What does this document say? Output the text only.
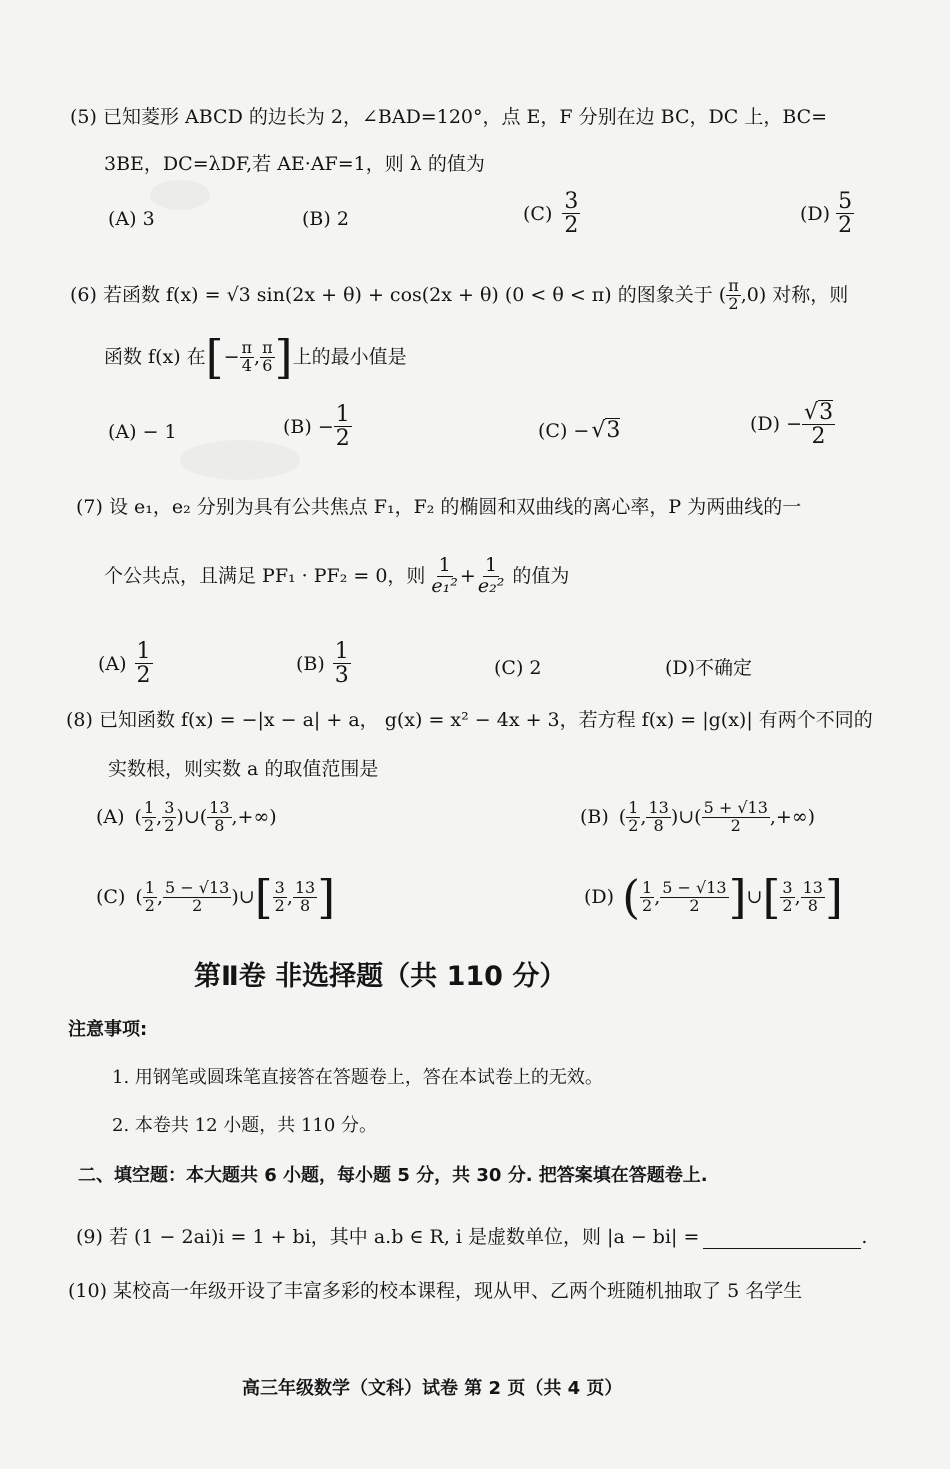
(5) 已知菱形 ABCD 的边长为 2，∠BAD=120°，点 E，F 分别在边 BC，DC 上，BC=
3BE，DC=λDF,若 AE·AF=1，则 λ 的值为
(A) 3	(B) 2	$(C) \frac{3}{2}$	$(D) \frac{5}{2}$
(6) 若函数 f(x) = √3 sin(2x + θ) + cos(2x + θ) (0 < θ < π) 的图象关于 ( $\frac{\pi}{2} ,0$) 对称，则
函数 f(x) 在 [ − $\frac{\pi}{4}$ , $\frac{\pi}{6}$ ] 上的最小值是
(A) − 1	$(B) - \frac{1}{2}$	(C) − √ 3	$(D) - \frac{√3}{2}$
(7) 设 e₁，e₂ 分别为具有公共焦点 F₁，F₂ 的椭圆和双曲线的离心率，P 为两曲线的一
个公共点，且满足 PF₁ · PF₂ = 0，则 $\frac{1}{\text{e₁²}} + \frac{1}{\text{e₂²}}$ 的值为
$(A) \frac{1}{2}$	$(B) \frac{1}{3}$	(C) 2	(D)不确定
(8) 已知函数 f(x) = −|x − a| + a， g(x) = x² − 4x + 3，若方程 f(x) = |g(x)| 有两个不同的
实数根，则实数 a 的取值范围是
(A) ( $\frac{1}{2}$ , $\frac{3}{2}$ ) ∪ ( $\frac{13}{8}$ ,+∞)	(B) ( $\frac{1}{2}$ , $\frac{13}{8}$ ) ∪ ( $\frac{5 + √13}{2}$ ,+∞)
(C) ( $\frac{1}{2}$ , $\frac{5 - √13}{2}$ ) ∪ [ $\frac{3}{2}$ , $\frac{13}{8}$ ]	(D) ( $\frac{1}{2}$ , $\frac{5 - √13}{2}$ ] ∪ [ $\frac{3}{2}$ , $\frac{13}{8}$ ]
第Ⅱ卷 非选择题（共 110 分）
注意事项:
1. 用钢笔或圆珠笔直接答在答题卷上，答在本试卷上的无效。
2. 本卷共 12 小题，共 110 分。
二、填空题：本大题共 6 小题，每小题 5 分，共 30 分. 把答案填在答题卷上.
(9) 若 (1 − 2ai)i = 1 + bi，其中 a.b ∈ R, i 是虚数单位，则 |a − bi| =	.
(10) 某校高一年级开设了丰富多彩的校本课程，现从甲、乙两个班随机抽取了 5 名学生
高三年级数学（文科）试卷 第 2 页（共 4 页）
